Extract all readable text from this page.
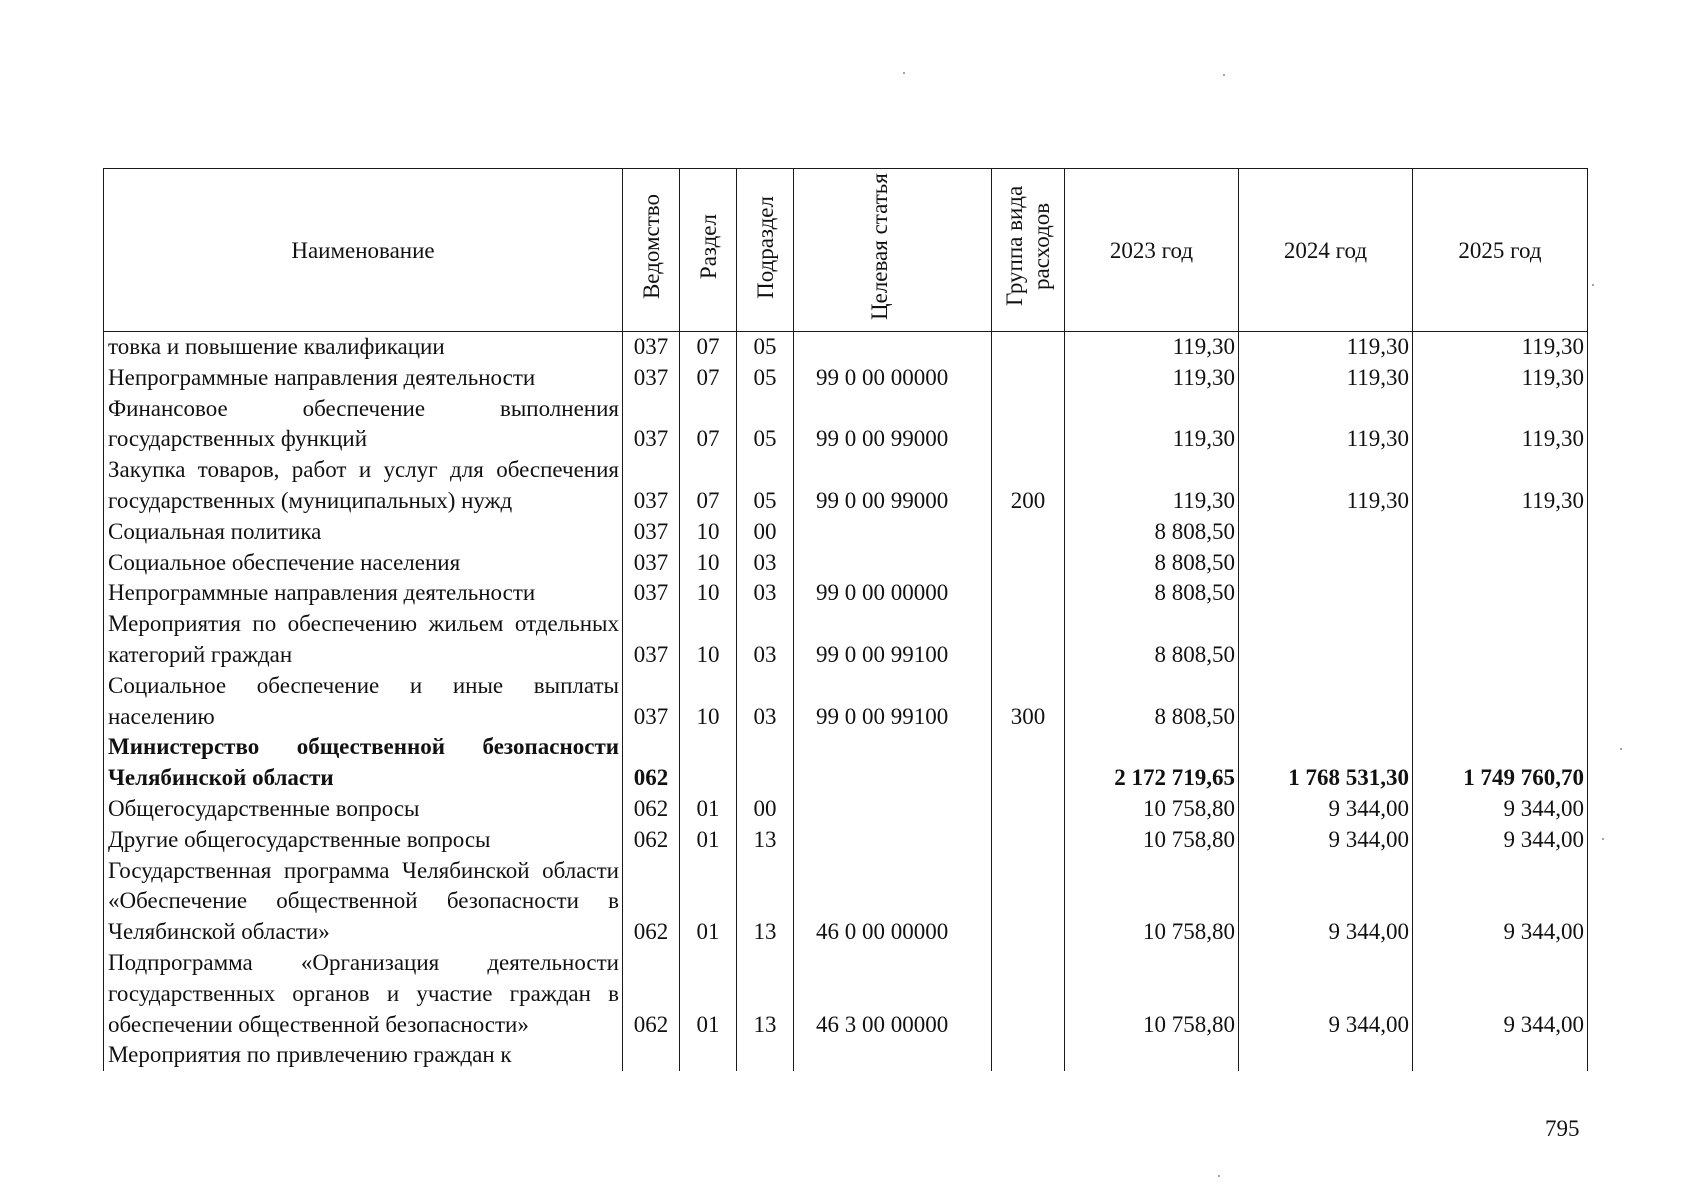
Наименование	Ведомство	Раздел	Подраздел	Целевая статья	Группа вида расходов	2023 год	2024 год	2025 год
товка и повышение квалификации	037	07	05			119,30	119,30	119,30
Непрограммные направления деятельности	037	07	05	99 0 00 00000		119,30	119,30	119,30
Финансовое обеспечение выполнения государственных функций	037	07	05	99 0 00 99000		119,30	119,30	119,30
Закупка товаров, работ и услуг для обеспечения государственных (муниципальных) нужд	037	07	05	99 0 00 99000	200	119,30	119,30	119,30
Социальная политика	037	10	00			8 808,50		
Социальное обеспечение населения	037	10	03			8 808,50		
Непрограммные направления деятельности	037	10	03	99 0 00 00000		8 808,50		
Мероприятия по обеспечению жильем отдельных категорий граждан	037	10	03	99 0 00 99100		8 808,50		
Социальное обеспечение и иные выплаты населению	037	10	03	99 0 00 99100	300	8 808,50		
Министерство общественной безопасности Челябинской области	062					2 172 719,65	1 768 531,30	1 749 760,70
Общегосударственные вопросы	062	01	00			10 758,80	9 344,00	9 344,00
Другие общегосударственные вопросы	062	01	13			10 758,80	9 344,00	9 344,00
Государственная программа Челябинской области «Обеспечение общественной безопасности в Челябинской области»	062	01	13	46 0 00 00000		10 758,80	9 344,00	9 344,00
Подпрограмма «Организация деятельности государственных органов и участие граждан в обеспечении общественной безопасности»	062	01	13	46 3 00 00000		10 758,80	9 344,00	9 344,00
Мероприятия по привлечению граждан к								
795
